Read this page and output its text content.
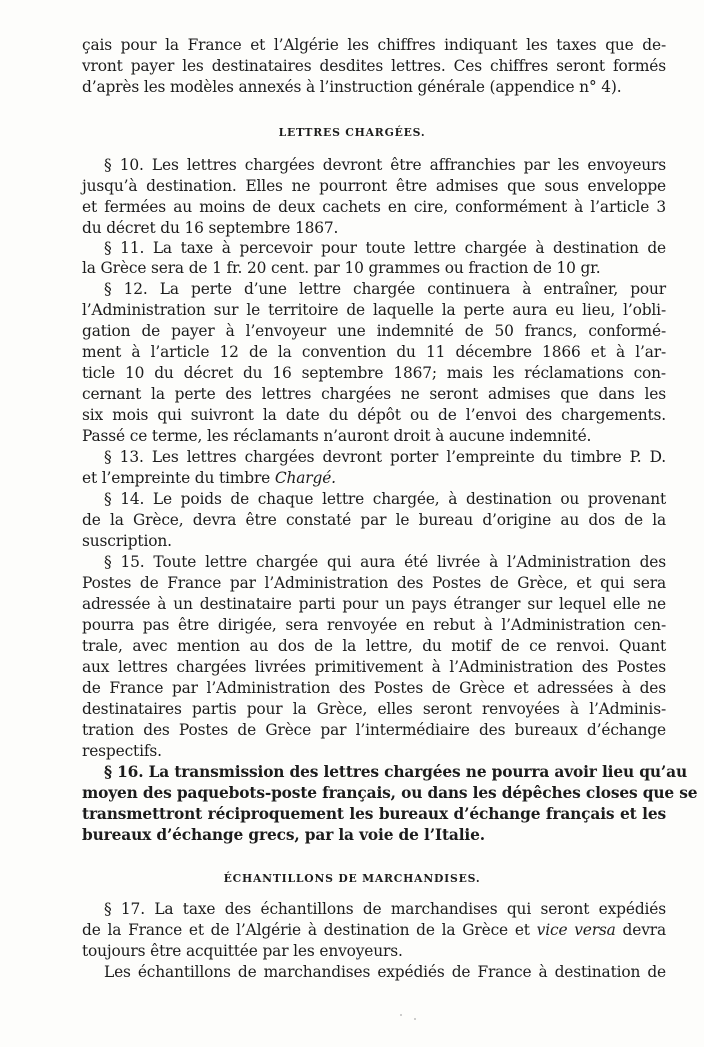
çais pour la France et l’Algérie les chiffres indiquant les taxes que de-
vront payer les destinataires desdites lettres. Ces chiffres seront formés
d’après les modèles annexés à l’instruction générale (appendice n° 4).
LETTRES CHARGÉES.
§ 10. Les lettres chargées devront être affranchies par les envoyeurs
jusqu’à destination. Elles ne pourront être admises que sous enveloppe
et fermées au moins de deux cachets en cire, conformément à l’article 3
du décret du 16 septembre 1867.
§ 11. La taxe à percevoir pour toute lettre chargée à destination de
la Grèce sera de 1 fr. 20 cent. par 10 grammes ou fraction de 10 gr.
§ 12. La perte d’une lettre chargée continuera à entraîner, pour
l’Administration sur le territoire de laquelle la perte aura eu lieu, l’obli-
gation de payer à l’envoyeur une indemnité de 50 francs, conformé-
ment à l’article 12 de la convention du 11 décembre 1866 et à l’ar-
ticle 10 du décret du 16 septembre 1867; mais les réclamations con-
cernant la perte des lettres chargées ne seront admises que dans les
six mois qui suivront la date du dépôt ou de l’envoi des chargements.
Passé ce terme, les réclamants n’auront droit à aucune indemnité.
§ 13. Les lettres chargées devront porter l’empreinte du timbre P. D.
et l’empreinte du timbre Chargé.
§ 14. Le poids de chaque lettre chargée, à destination ou provenant
de la Grèce, devra être constaté par le bureau d’origine au dos de la
suscription.
§ 15. Toute lettre chargée qui aura été livrée à l’Administration des
Postes de France par l’Administration des Postes de Grèce, et qui sera
adressée à un destinataire parti pour un pays étranger sur lequel elle ne
pourra pas être dirigée, sera renvoyée en rebut à l’Administration cen-
trale, avec mention au dos de la lettre, du motif de ce renvoi. Quant
aux lettres chargées livrées primitivement à l’Administration des Postes
de France par l’Administration des Postes de Grèce et adressées à des
destinataires partis pour la Grèce, elles seront renvoyées à l’Adminis-
tration des Postes de Grèce par l’intermédiaire des bureaux d’échange
respectifs.
§ 16. La transmission des lettres chargées ne pourra avoir lieu qu’au
moyen des paquebots-poste français, ou dans les dépêches closes que se
transmettront réciproquement les bureaux d’échange français et les
bureaux d’échange grecs, par la voie de l’Italie.
ÉCHANTILLONS DE MARCHANDISES.
§ 17. La taxe des échantillons de marchandises qui seront expédiés
de la France et de l’Algérie à destination de la Grèce et vice versa devra
toujours être acquittée par les envoyeurs.
Les échantillons de marchandises expédiés de France à destination de
